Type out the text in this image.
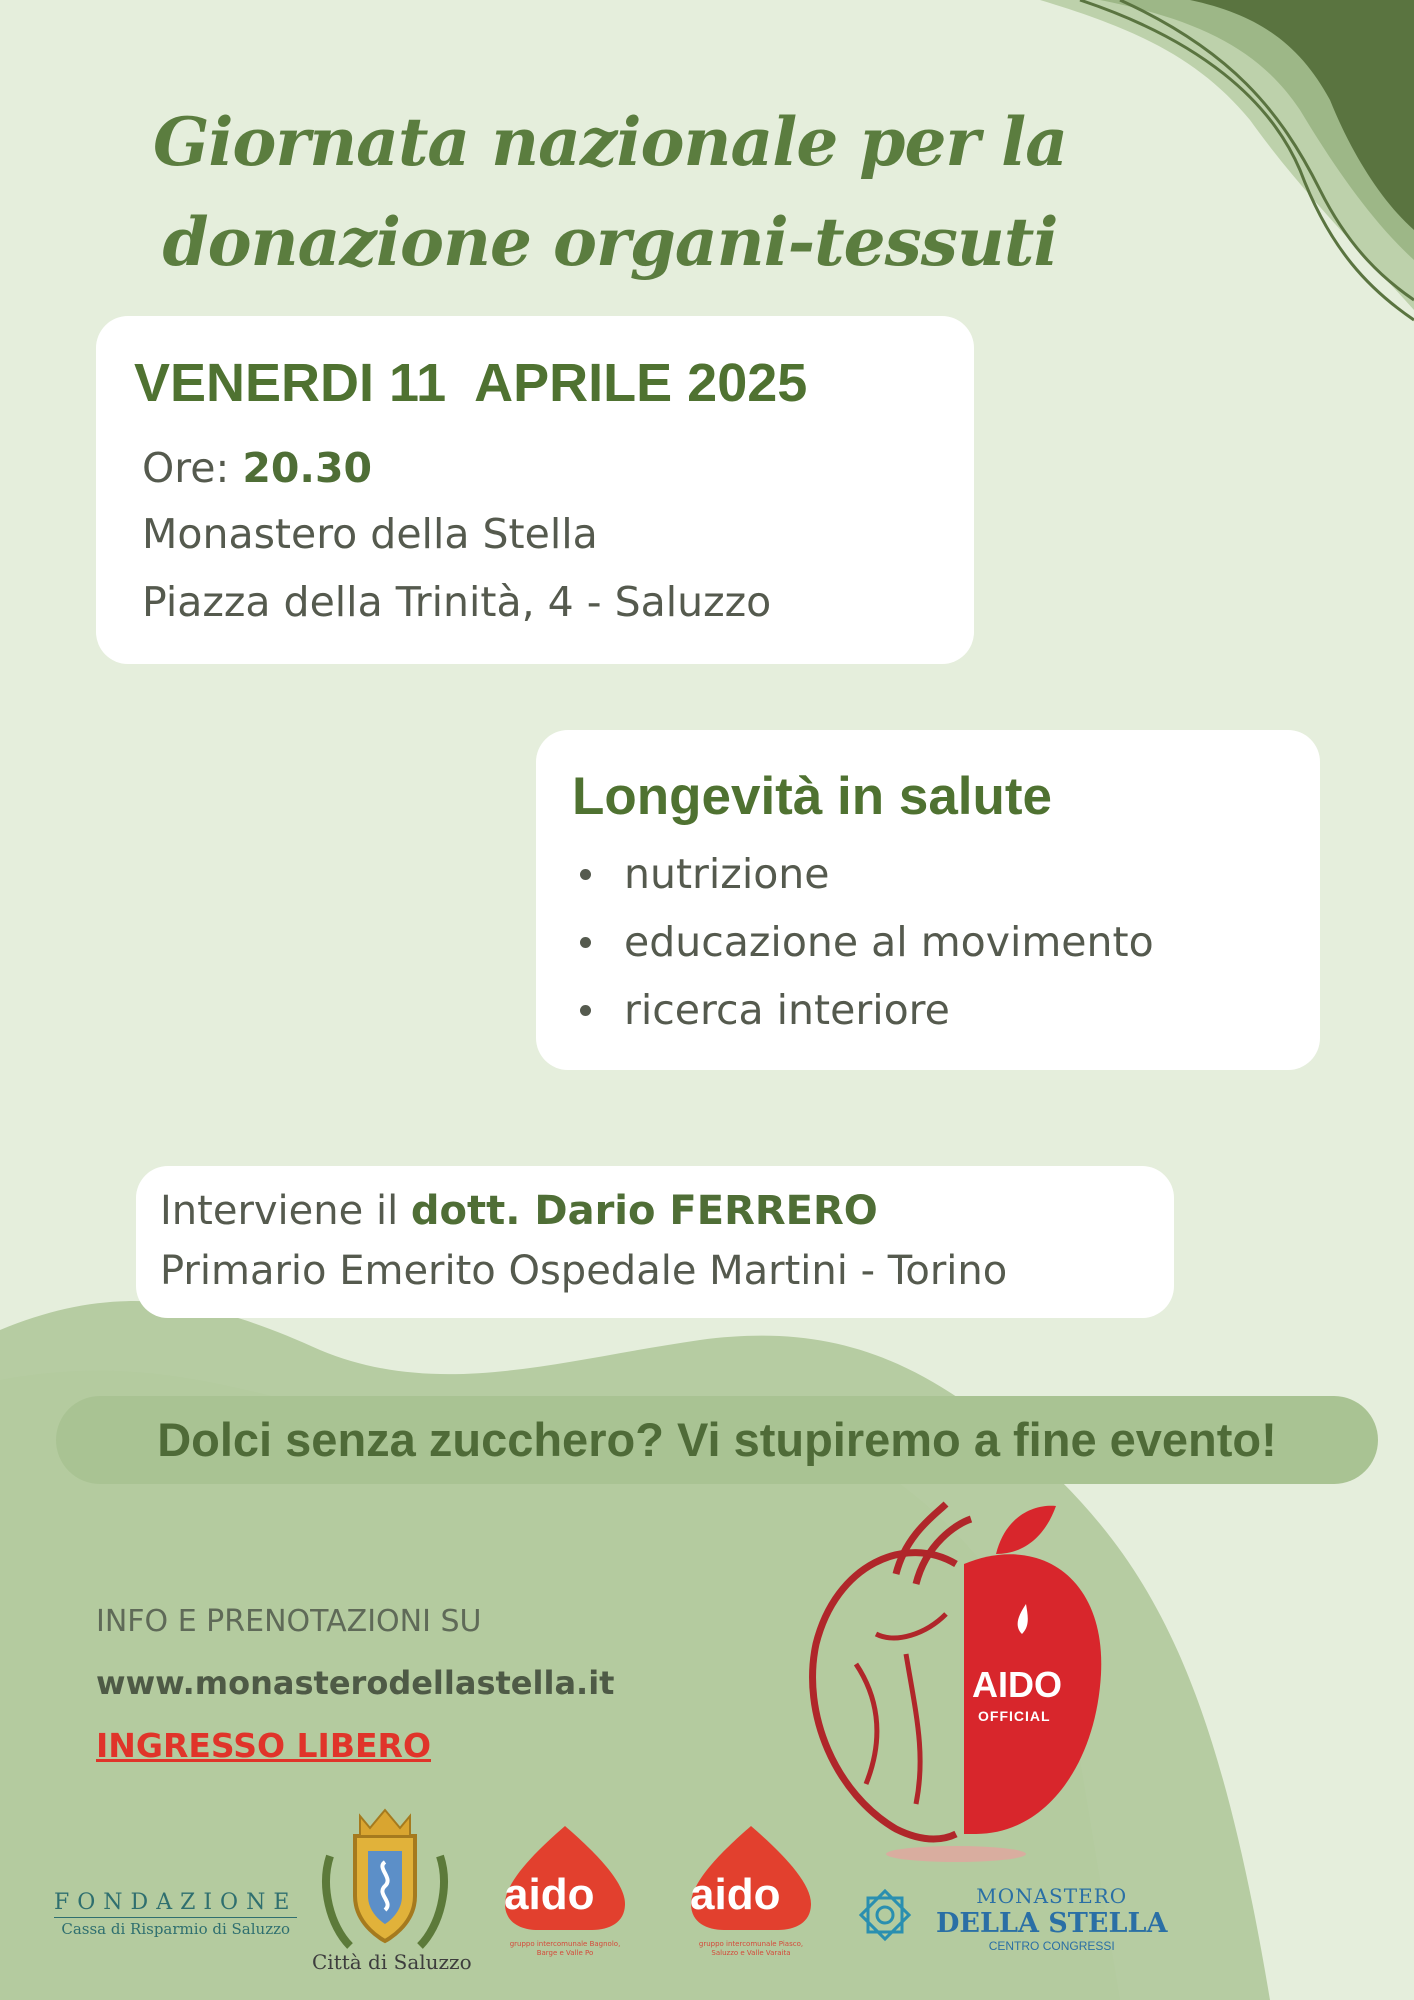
Giornata nazionale per la
donazione organi-tessuti
VENERDI 11  APRILE 2025
Ore: 20.30
Monastero della Stella
Piazza della Trinità, 4 - Saluzzo
Longevità in salute
nutrizione
educazione al movimento
ricerca interiore
Interviene il dott. Dario FERRERO
Primario Emerito Ospedale Martini - Torino
Dolci senza zucchero? Vi stupiremo a fine evento!
INFO E PRENOTAZIONI SU
www.monasterodellastella.it
INGRESSO LIBERO
AIDO
OFFICIAL
FONDAZIONE
Cassa di Risparmio di Saluzzo
Città di Saluzzo
aido
gruppo intercomunale Bagnolo, Barge e Valle Po
aido
gruppo intercomunale Piasco, Saluzzo e Valle Varaita
MONASTERO
DELLA STELLA
CENTRO CONGRESSI
